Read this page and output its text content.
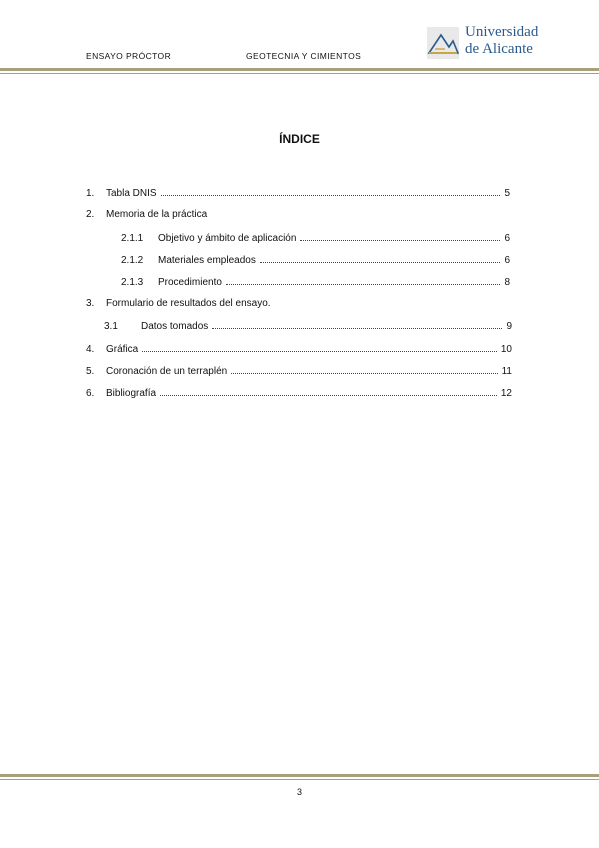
ENSAYO PRÓCTOR	GEOTECNIA Y CIMIENTOS
Universidad
de Alicante
ÍNDICE
1.	Tabla DNIS	5
2.	Memoria de la práctica
2.1.1	Objetivo y ámbito de aplicación	6
2.1.2	Materiales empleados	6
2.1.3	Procedimiento	8
3.	Formulario de resultados del ensayo.
3.1	Datos tomados	9
4.	Gráfica	10
5.	Coronación de un terraplén	11
6.	Bibliografía	12
3
